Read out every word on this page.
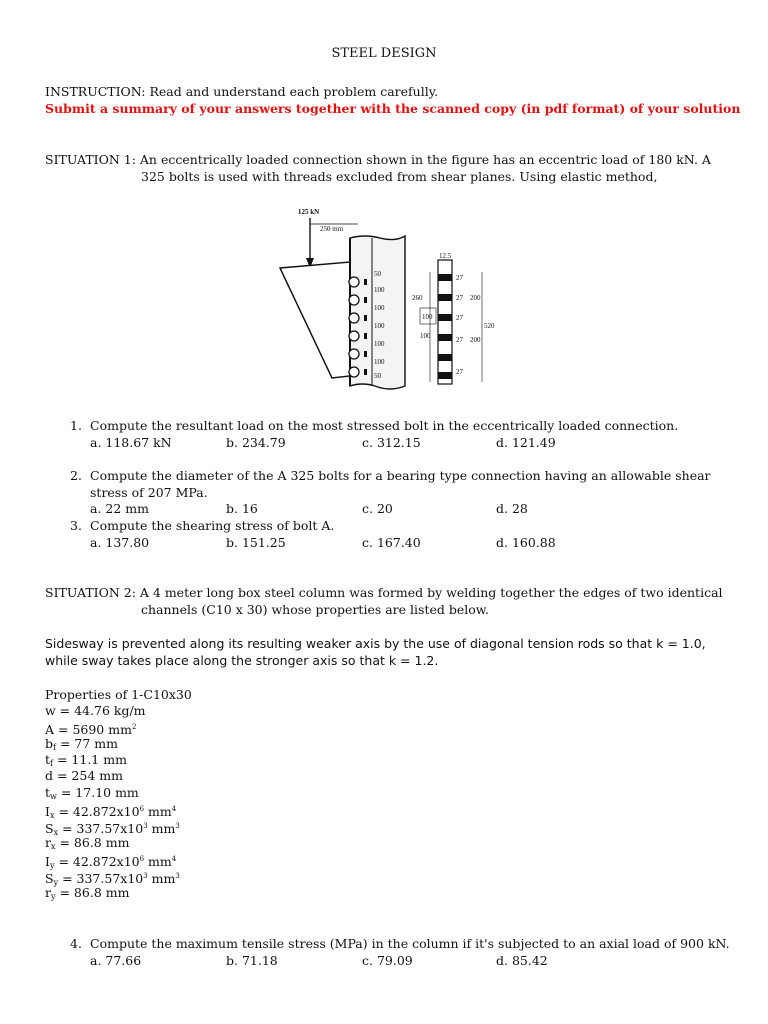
STEEL DESIGN
INSTRUCTION: Read and understand each problem carefully.
Submit a summary of your answers together with the scanned copy (in pdf format) of your solution
SITUATION 1: An eccentrically loaded connection shown in the figure has an eccentric load of 180 kN. A
325 bolts is used with threads excluded from shear planes. Using elastic method,
125 kN
250 mm
50
100
100
100
100
100
50
12.5
260
100
100
27
27 200
27
27 200
27
520
1. Compute the resultant load on the most stressed bolt in the eccentrically loaded connection.
a. 118.67 kN	b. 234.79	c. 312.15	d. 121.49
2. Compute the diameter of the A 325 bolts for a bearing type connection having an allowable shear
stress of 207 MPa.
a. 22 mm	b. 16	c. 20	d. 28
3. Compute the shearing stress of bolt A.
a. 137.80	b. 151.25	c. 167.40	d. 160.88
SITUATION 2: A 4 meter long box steel column was formed by welding together the edges of two identical
channels (C10 x 30) whose properties are listed below.
Sidesway is prevented along its resulting weaker axis by the use of diagonal tension rods so that k = 1.0,
while sway takes place along the stronger axis so that k = 1.2.
Properties of 1-C10x30
w = 44.76 kg/m
A = 5690 $mm^2$
$b_f = 77$ mm
$t_f = 11.1$ mm
d = 254 mm
$t_w = 17.10$ mm
$I_x = 42.872x10^6$ $mm^4$
$S_x = 337.57x10^3$ $mm^3$
$r_x = 86.8$ mm
$I_y = 42.872x10^6$ $mm^4$
$S_y = 337.57x10^3$ $mm^3$
$r_y = 86.8$ mm
4. Compute the maximum tensile stress (MPa) in the column if it's subjected to an axial load of 900 kN.
a. 77.66	b. 71.18	c. 79.09	d. 85.42
